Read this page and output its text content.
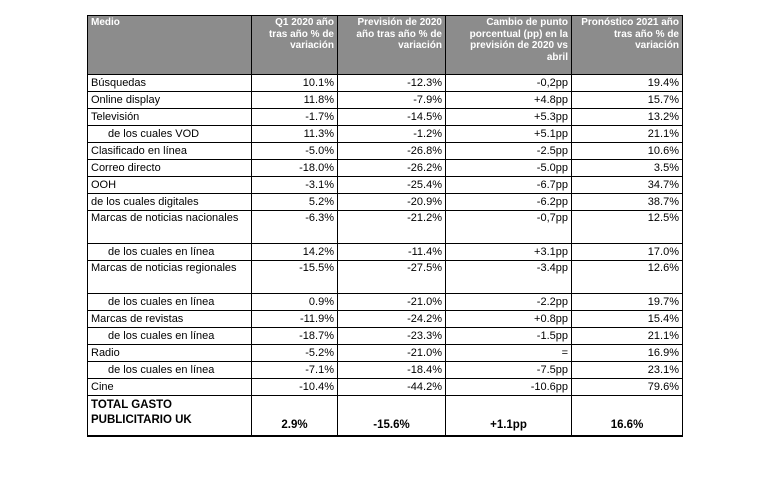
Medio	Q1 2020 año tras año % de variación	Previsión de 2020 año tras año % de variación	Cambio de punto porcentual (pp) en la previsión de 2020 vs abril	Pronóstico 2021 año tras año % de variación
Búsquedas	10.1%	-12.3%	-0,2pp	19.4%
Online display	11.8%	-7.9%	+4.8pp	15.7%
Televisión	-1.7%	-14.5%	+5.3pp	13.2%
de los cuales VOD	11.3%	-1.2%	+5.1pp	21.1%
Clasificado en línea	-5.0%	-26.8%	-2.5pp	10.6%
Correo directo	-18.0%	-26.2%	-5.0pp	3.5%
OOH	-3.1%	-25.4%	-6.7pp	34.7%
de los cuales digitales	5.2%	-20.9%	-6.2pp	38.7%
Marcas de noticias nacionales	-6.3%	-21.2%	-0,7pp	12.5%
de los cuales en línea	14.2%	-11.4%	+3.1pp	17.0%
Marcas de noticias regionales	-15.5%	-27.5%	-3.4pp	12.6%
de los cuales en línea	0.9%	-21.0%	-2.2pp	19.7%
Marcas de revistas	-11.9%	-24.2%	+0.8pp	15.4%
de los cuales en línea	-18.7%	-23.3%	-1.5pp	21.1%
Radio	-5.2%	-21.0%	=	16.9%
de los cuales en línea	-7.1%	-18.4%	-7.5pp	23.1%
Cine	-10.4%	-44.2%	-10.6pp	79.6%
TOTAL GASTO PUBLICITARIO UK	2.9%	-15.6%	+1.1pp	16.6%
